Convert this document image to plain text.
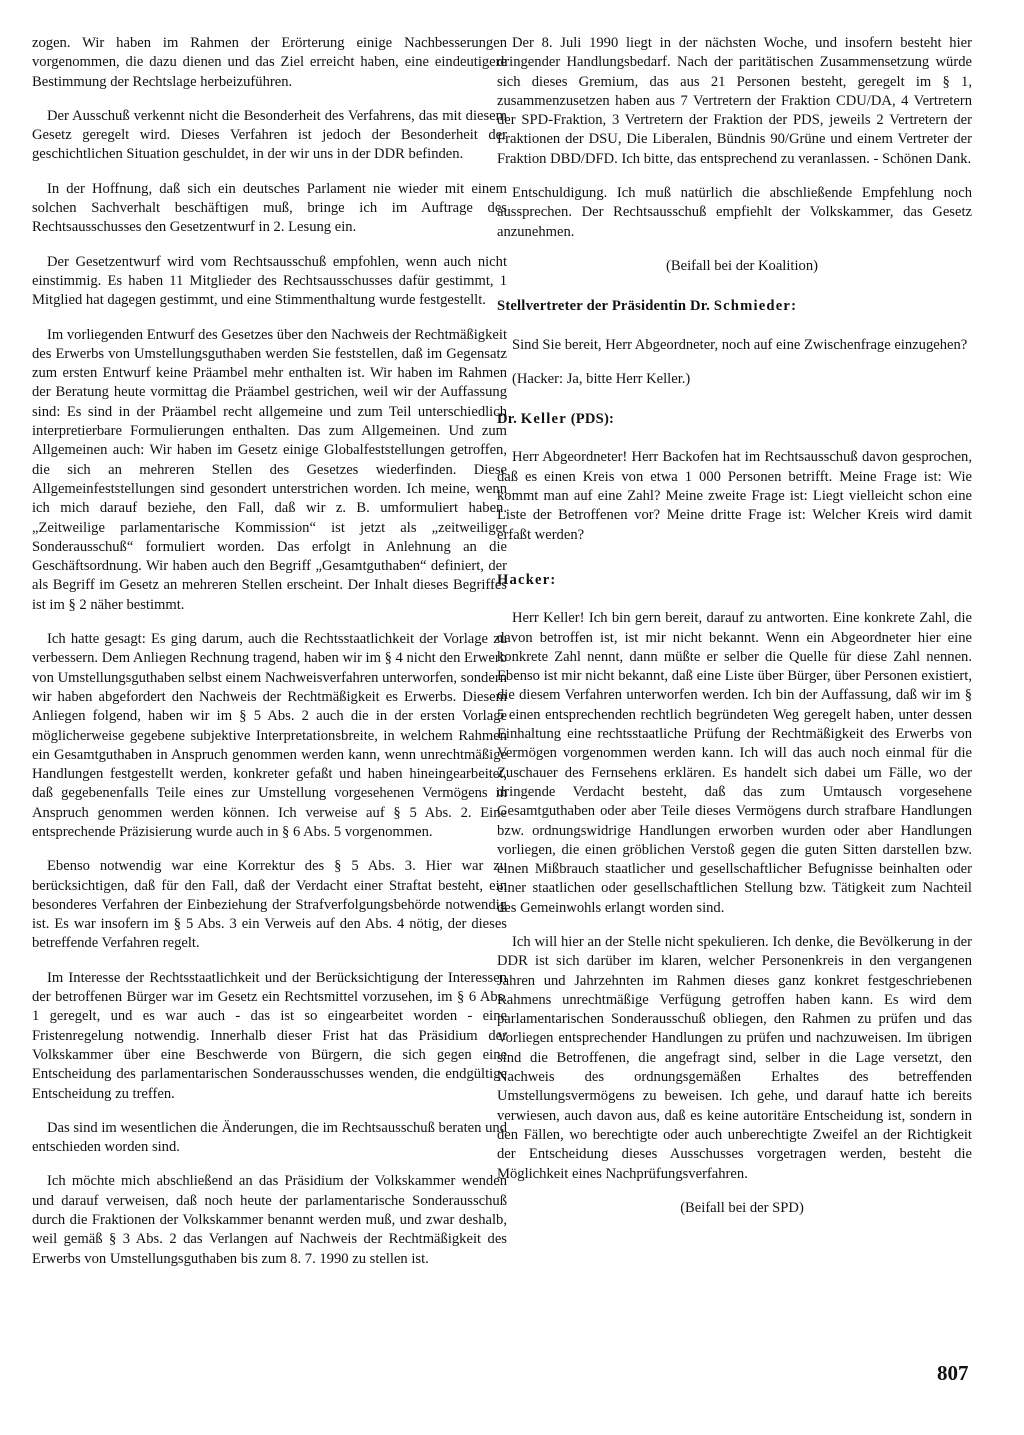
zogen. Wir haben im Rahmen der Erörterung einige Nachbesserungen vorgenommen, die dazu dienen und das Ziel erreicht haben, eine eindeutigere Bestimmung der Rechtslage herbeizuführen.

Der Ausschuß verkennt nicht die Besonderheit des Verfahrens, das mit diesem Gesetz geregelt wird. Dieses Verfahren ist jedoch der Besonderheit der geschichtlichen Situation geschuldet, in der wir uns in der DDR befinden.

In der Hoffnung, daß sich ein deutsches Parlament nie wieder mit einem solchen Sachverhalt beschäftigen muß, bringe ich im Auftrage des Rechtsausschusses den Gesetzentwurf in 2. Lesung ein.

Der Gesetzentwurf wird vom Rechtsausschuß empfohlen, wenn auch nicht einstimmig. Es haben 11 Mitglieder des Rechtsausschusses dafür gestimmt, 1 Mitglied hat dagegen gestimmt, und eine Stimmenthaltung wurde festgestellt.

Im vorliegenden Entwurf des Gesetzes über den Nachweis der Rechtmäßigkeit des Erwerbs von Umstellungsguthaben werden Sie feststellen, daß im Gegensatz zum ersten Entwurf keine Präambel mehr enthalten ist. Wir haben im Rahmen der Beratung heute vormittag die Präambel gestrichen, weil wir der Auffassung sind: Es sind in der Präambel recht allgemeine und zum Teil unterschiedlich interpretierbare Formulierungen enthalten. Das zum Allgemeinen. Und zum Allgemeinen auch: Wir haben im Gesetz einige Globalfeststellungen getroffen, die sich an mehreren Stellen des Gesetzes wiederfinden. Diese Allgemeinfeststellungen sind gesondert unterstrichen worden. Ich meine, wenn ich mich darauf beziehe, den Fall, daß wir z. B. umformuliert haben. „Zeitweilige parlamentarische Kommission“ ist jetzt als „zeitweiliger Sonderausschuß“ formuliert worden. Das erfolgt in Anlehnung an die Geschäftsordnung. Wir haben auch den Begriff „Gesamtguthaben“ definiert, der als Begriff im Gesetz an mehreren Stellen erscheint. Der Inhalt dieses Begriffes ist im § 2 näher bestimmt.

Ich hatte gesagt: Es ging darum, auch die Rechtsstaatlichkeit der Vorlage zu verbessern. Dem Anliegen Rechnung tragend, haben wir im § 4 nicht den Erwerb von Umstellungsguthaben selbst einem Nachweisverfahren unterworfen, sondern wir haben abgefordert den Nachweis der Rechtmäßigkeit es Erwerbs. Diesem Anliegen folgend, haben wir im § 5 Abs. 2 auch die in der ersten Vorlage möglicherweise gegebene subjektive Interpretationsbreite, in welchem Rahmen ein Gesamtguthaben in Anspruch genommen werden kann, wenn unrechtmäßige Handlungen festgestellt werden, konkreter gefaßt und haben hineingearbeitet, daß gegebenenfalls Teile eines zur Umstellung vorgesehenen Vermögens in Anspruch genommen werden können. Ich verweise auf § 5 Abs. 2. Eine entsprechende Präzisierung wurde auch in § 6 Abs. 5 vorgenommen.

Ebenso notwendig war eine Korrektur des § 5 Abs. 3. Hier war zu berücksichtigen, daß für den Fall, daß der Verdacht einer Straftat besteht, ein besonderes Verfahren der Einbeziehung der Strafverfolgungsbehörde notwendig ist. Es war insofern im § 5 Abs. 3 ein Verweis auf den Abs. 4 nötig, der dieses betreffende Verfahren regelt.

Im Interesse der Rechtsstaatlichkeit und der Berücksichtigung der Interessen der betroffenen Bürger war im Gesetz ein Rechtsmittel vorzusehen, im § 6 Abs. 1 geregelt, und es war auch - das ist so eingearbeitet worden - eine Fristenregelung notwendig. Innerhalb dieser Frist hat das Präsidium der Volkskammer über eine Beschwerde von Bürgern, die sich gegen eine Entscheidung des parlamentarischen Sonderausschusses wenden, die endgültige Entscheidung zu treffen.

Das sind im wesentlichen die Änderungen, die im Rechtsausschuß beraten und entschieden worden sind.

Ich möchte mich abschließend an das Präsidium der Volkskammer wenden und darauf verweisen, daß noch heute der parlamentarische Sonderausschuß durch die Fraktionen der Volkskammer benannt werden muß, und zwar deshalb, weil gemäß § 3 Abs. 2 das Verlangen auf Nachweis der Rechtmäßigkeit des Erwerbs von Umstellungsguthaben bis zum 8. 7. 1990 zu stellen ist.

Der 8. Juli 1990 liegt in der nächsten Woche, und insofern besteht hier dringender Handlungsbedarf. Nach der paritätischen Zusammensetzung würde sich dieses Gremium, das aus 21 Personen besteht, geregelt im § 1, zusammenzusetzen haben aus 7 Vertretern der Fraktion CDU/DA, 4 Vertretern der SPD-Fraktion, 3 Vertretern der Fraktion der PDS, jeweils 2 Vertretern der Fraktionen der DSU, Die Liberalen, Bündnis 90/Grüne und einem Vertreter der Fraktion DBD/DFD. Ich bitte, das entsprechend zu veranlassen. - Schönen Dank.

Entschuldigung. Ich muß natürlich die abschließende Empfehlung noch aussprechen. Der Rechtsausschuß empfiehlt der Volkskammer, das Gesetz anzunehmen.

(Beifall bei der Koalition)

Stellvertreter der Präsidentin Dr. Schmieder:

Sind Sie bereit, Herr Abgeordneter, noch auf eine Zwischenfrage einzugehen?

(Hacker: Ja, bitte Herr Keller.)

Dr. Keller (PDS):

Herr Abgeordneter! Herr Backofen hat im Rechtsausschuß davon gesprochen, daß es einen Kreis von etwa 1 000 Personen betrifft. Meine Frage ist: Wie kommt man auf eine Zahl? Meine zweite Frage ist: Liegt vielleicht schon eine Liste der Betroffenen vor? Meine dritte Frage ist: Welcher Kreis wird damit erfaßt werden?

Hacker:

Herr Keller! Ich bin gern bereit, darauf zu antworten. Eine konkrete Zahl, die davon betroffen ist, ist mir nicht bekannt. Wenn ein Abgeordneter hier eine konkrete Zahl nennt, dann müßte er selber die Quelle für diese Zahl nennen. Ebenso ist mir nicht bekannt, daß eine Liste über Bürger, über Personen existiert, die diesem Verfahren unterworfen werden. Ich bin der Auffassung, daß wir im § 5 einen entsprechenden rechtlich begründeten Weg geregelt haben, unter dessen Einhaltung eine rechtsstaatliche Prüfung der Rechtmäßigkeit des Erwerbs von Vermögen vorgenommen werden kann. Ich will das auch noch einmal für die Zuschauer des Fernsehens erklären. Es handelt sich dabei um Fälle, wo der dringende Verdacht besteht, daß das zum Umtausch vorgesehene Gesamtguthaben oder aber Teile dieses Vermögens durch strafbare Handlungen bzw. ordnungswidrige Handlungen erworben wurden oder aber Handlungen vorliegen, die einen gröblichen Verstoß gegen die guten Sitten darstellen bzw. einen Mißbrauch staatlicher und gesellschaftlicher Befugnisse beinhalten oder einer staatlichen oder gesellschaftlichen Stellung bzw. Tätigkeit zum Nachteil des Gemeinwohls erlangt worden sind.

Ich will hier an der Stelle nicht spekulieren. Ich denke, die Bevölkerung in der DDR ist sich darüber im klaren, welcher Personenkreis in den vergangenen Jahren und Jahrzehnten im Rahmen dieses ganz konkret festgeschriebenen Rahmens unrechtmäßige Verfügung getroffen haben kann. Es wird dem parlamentarischen Sonderausschuß obliegen, den Rahmen zu prüfen und das Vorliegen entsprechender Handlungen zu prüfen und nachzuweisen. Im übrigen sind die Betroffenen, die angefragt sind, selber in die Lage versetzt, den Nachweis des ordnungsgemäßen Erhaltes des betreffenden Umstellungsvermögens zu beweisen. Ich gehe, und darauf hatte ich bereits verwiesen, auch davon aus, daß es keine autoritäre Entscheidung ist, sondern in den Fällen, wo berechtigte oder auch unberechtigte Zweifel an der Richtigkeit der Entscheidung dieses Ausschusses vorgetragen werden, besteht die Möglichkeit eines Nachprüfungsverfahren.

(Beifall bei der SPD)

807
